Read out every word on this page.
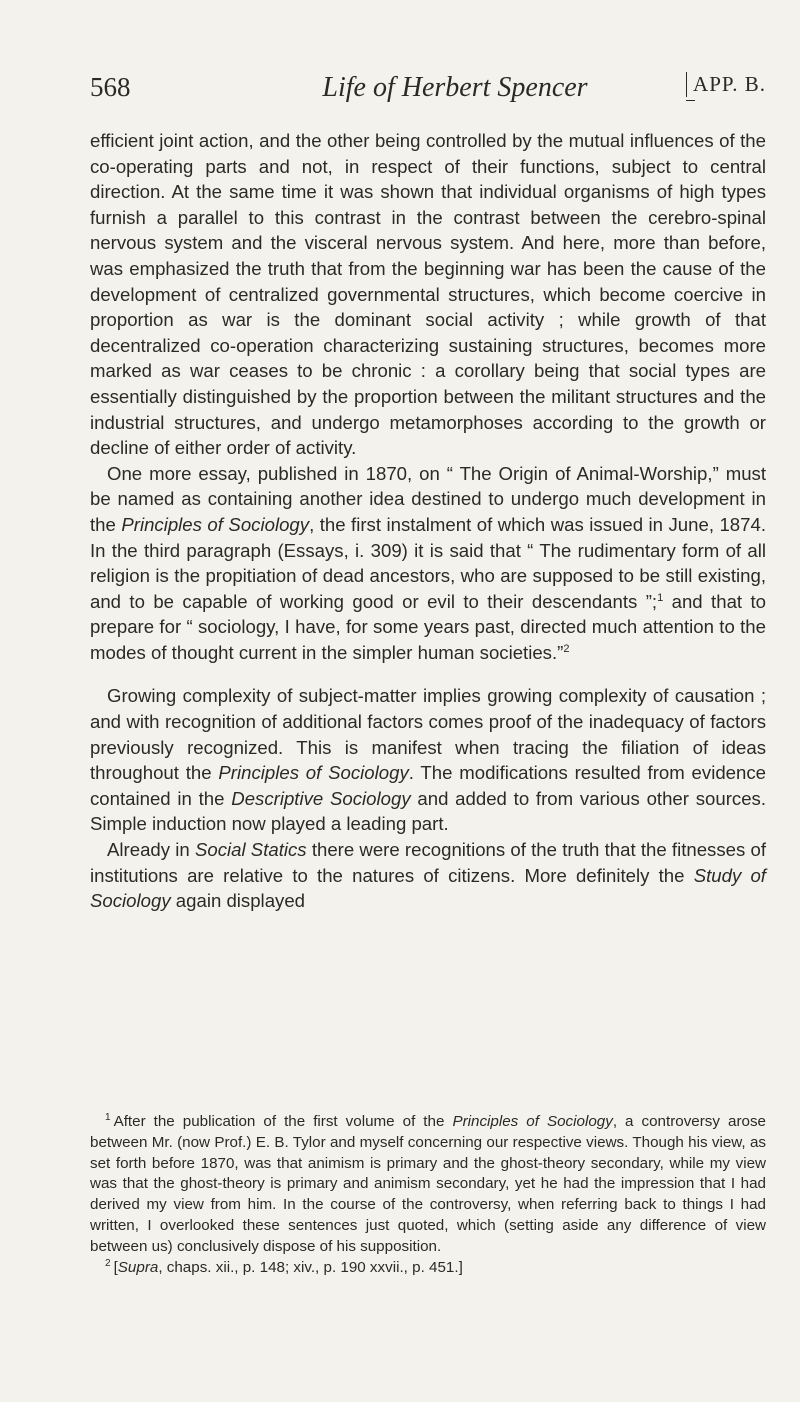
568	Life of Herbert Spencer	APP. B.

efficient joint action, and the other being controlled by the mutual influences of the co-operating parts and not, in respect of their functions, subject to central direction. At the same time it was shown that individual organisms of high types furnish a parallel to this contrast in the contrast between the cerebro-spinal nervous system and the visceral nervous system. And here, more than before, was emphasized the truth that from the beginning war has been the cause of the development of centralized governmental structures, which become coercive in proportion as war is the dominant social activity ; while growth of that decentralized co-operation characterizing sustaining structures, becomes more marked as war ceases to be chronic : a corollary being that social types are essentially distinguished by the proportion between the militant structures and the industrial structures, and undergo metamorphoses according to the growth or decline of either order of activity.

One more essay, published in 1870, on “ The Origin of Animal-Worship,” must be named as containing another idea destined to undergo much development in the Principles of Sociology, the first instalment of which was issued in June, 1874. In the third paragraph (Essays, i. 309) it is said that “ The rudimentary form of all religion is the propitiation of dead ancestors, who are supposed to be still existing, and to be capable of working good or evil to their descendants ”;$^1$ and that to prepare for “ sociology, I have, for some years past, directed much attention to the modes of thought current in the simpler human societies.”$^2$

Growing complexity of subject-matter implies growing complexity of causation ; and with recognition of additional factors comes proof of the inadequacy of factors previously recognized. This is manifest when tracing the filiation of ideas throughout the Principles of Sociology. The modifications resulted from evidence contained in the Descriptive Sociology and added to from various other sources. Simple induction now played a leading part.

Already in Social Statics there were recognitions of the truth that the fitnesses of institutions are relative to the natures of citizens. More definitely the Study of Sociology again displayed

$^1$ After the publication of the first volume of the Principles of Sociology, a controversy arose between Mr. (now Prof.) E. B. Tylor and myself concerning our respective views. Though his view, as set forth before 1870, was that animism is primary and the ghost-theory secondary, while my view was that the ghost-theory is primary and animism secondary, yet he had the impression that I had derived my view from him. In the course of the controversy, when referring back to things I had written, I overlooked these sentences just quoted, which (setting aside any difference of view between us) conclusively dispose of his supposition.

$^2$ [Supra, chaps. xii., p. 148; xiv., p. 190 xxvii., p. 451.]
